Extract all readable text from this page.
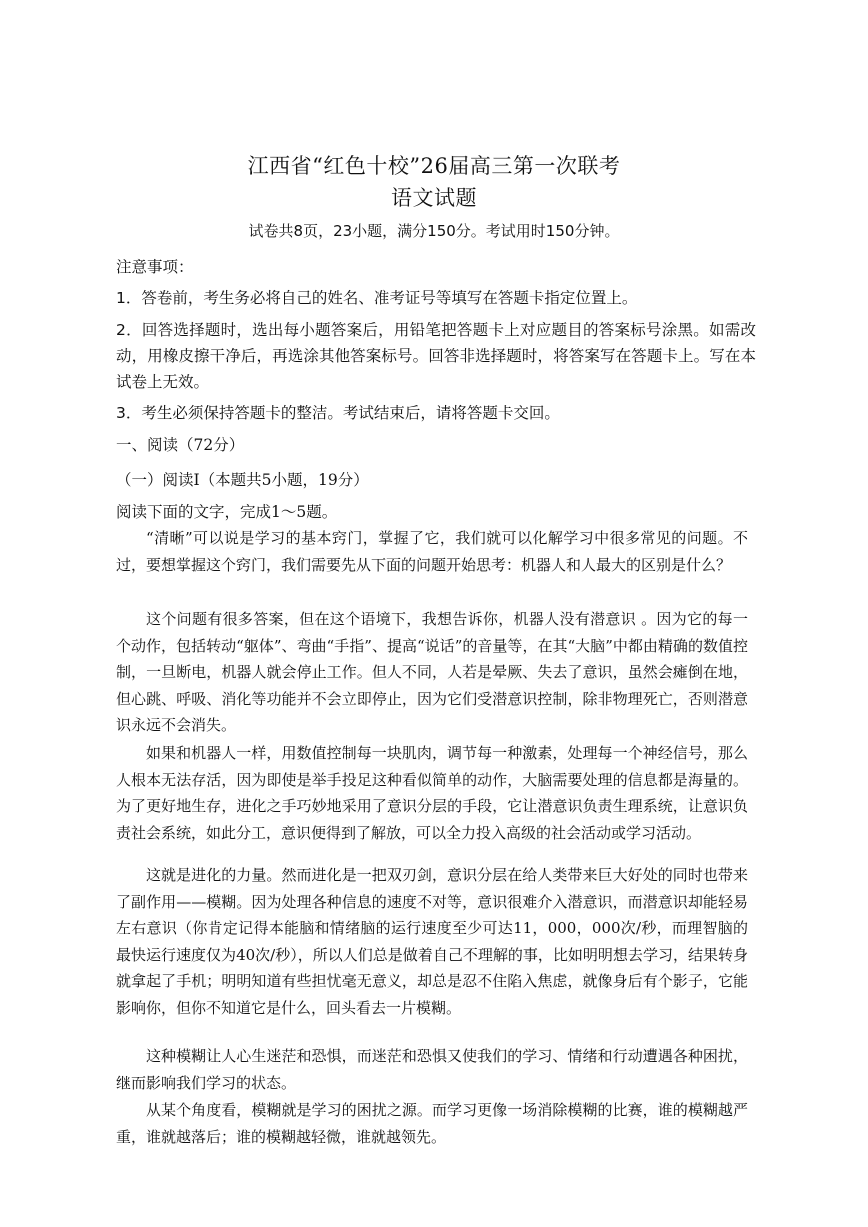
江西省“红色十校”26届高三第一次联考
语文试题
试卷共8页，23小题，满分150分。考试用时150分钟。
注意事项：
1．答卷前，考生务必将自己的姓名、准考证号等填写在答题卡指定位置上。
2．回答选择题时，选出每小题答案后，用铅笔把答题卡上对应题目的答案标号涂黑。如需改动，用橡皮擦干净后，再选涂其他答案标号。回答非选择题时，将答案写在答题卡上。写在本试卷上无效。
3．考生必须保持答题卡的整洁。考试结束后，请将答题卡交回。
一、阅读（72分）
（一）阅读Ⅰ（本题共5小题，19分）
阅读下面的文字，完成1～5题。
“清晰”可以说是学习的基本窍门，掌握了它，我们就可以化解学习中很多常见的问题。不过，要想掌握这个窍门，我们需要先从下面的问题开始思考：机器人和人最大的区别是什么？
这个问题有很多答案，但在这个语境下，我想告诉你，机器人没有潜意识 。因为它的每一个动作，包括转动“躯体”、弯曲“手指”、提高“说话”的音量等，在其“大脑”中都由精确的数值控制，一旦断电，机器人就会停止工作。但人不同，人若是晕厥、失去了意识，虽然会瘫倒在地，但心跳、呼吸、消化等功能并不会立即停止，因为它们受潜意识控制，除非物理死亡，否则潜意识永远不会消失。
如果和机器人一样，用数值控制每一块肌肉，调节每一种激素，处理每一个神经信号，那么人根本无法存活，因为即使是举手投足这种看似简单的动作，大脑需要处理的信息都是海量的。为了更好地生存，进化之手巧妙地采用了意识分层的手段，它让潜意识负责生理系统，让意识负责社会系统，如此分工，意识便得到了解放，可以全力投入高级的社会活动或学习活动。
这就是进化的力量。然而进化是一把双刃剑，意识分层在给人类带来巨大好处的同时也带来了副作用——模糊。因为处理各种信息的速度不对等，意识很难介入潜意识，而潜意识却能轻易左右意识（你肯定记得本能脑和情绪脑的运行速度至少可达11，000，000次/秒，而理智脑的最快运行速度仅为40次/秒），所以人们总是做着自己不理解的事，比如明明想去学习，结果转身就拿起了手机；明明知道有些担忧毫无意义，却总是忍不住陷入焦虑，就像身后有个影子，它能影响你，但你不知道它是什么，回头看去一片模糊。
这种模糊让人心生迷茫和恐惧，而迷茫和恐惧又使我们的学习、情绪和行动遭遇各种困扰，继而影响我们学习的状态。
从某个角度看，模糊就是学习的困扰之源。而学习更像一场消除模糊的比赛，谁的模糊越严重，谁就越落后；谁的模糊越轻微，谁就越领先。
